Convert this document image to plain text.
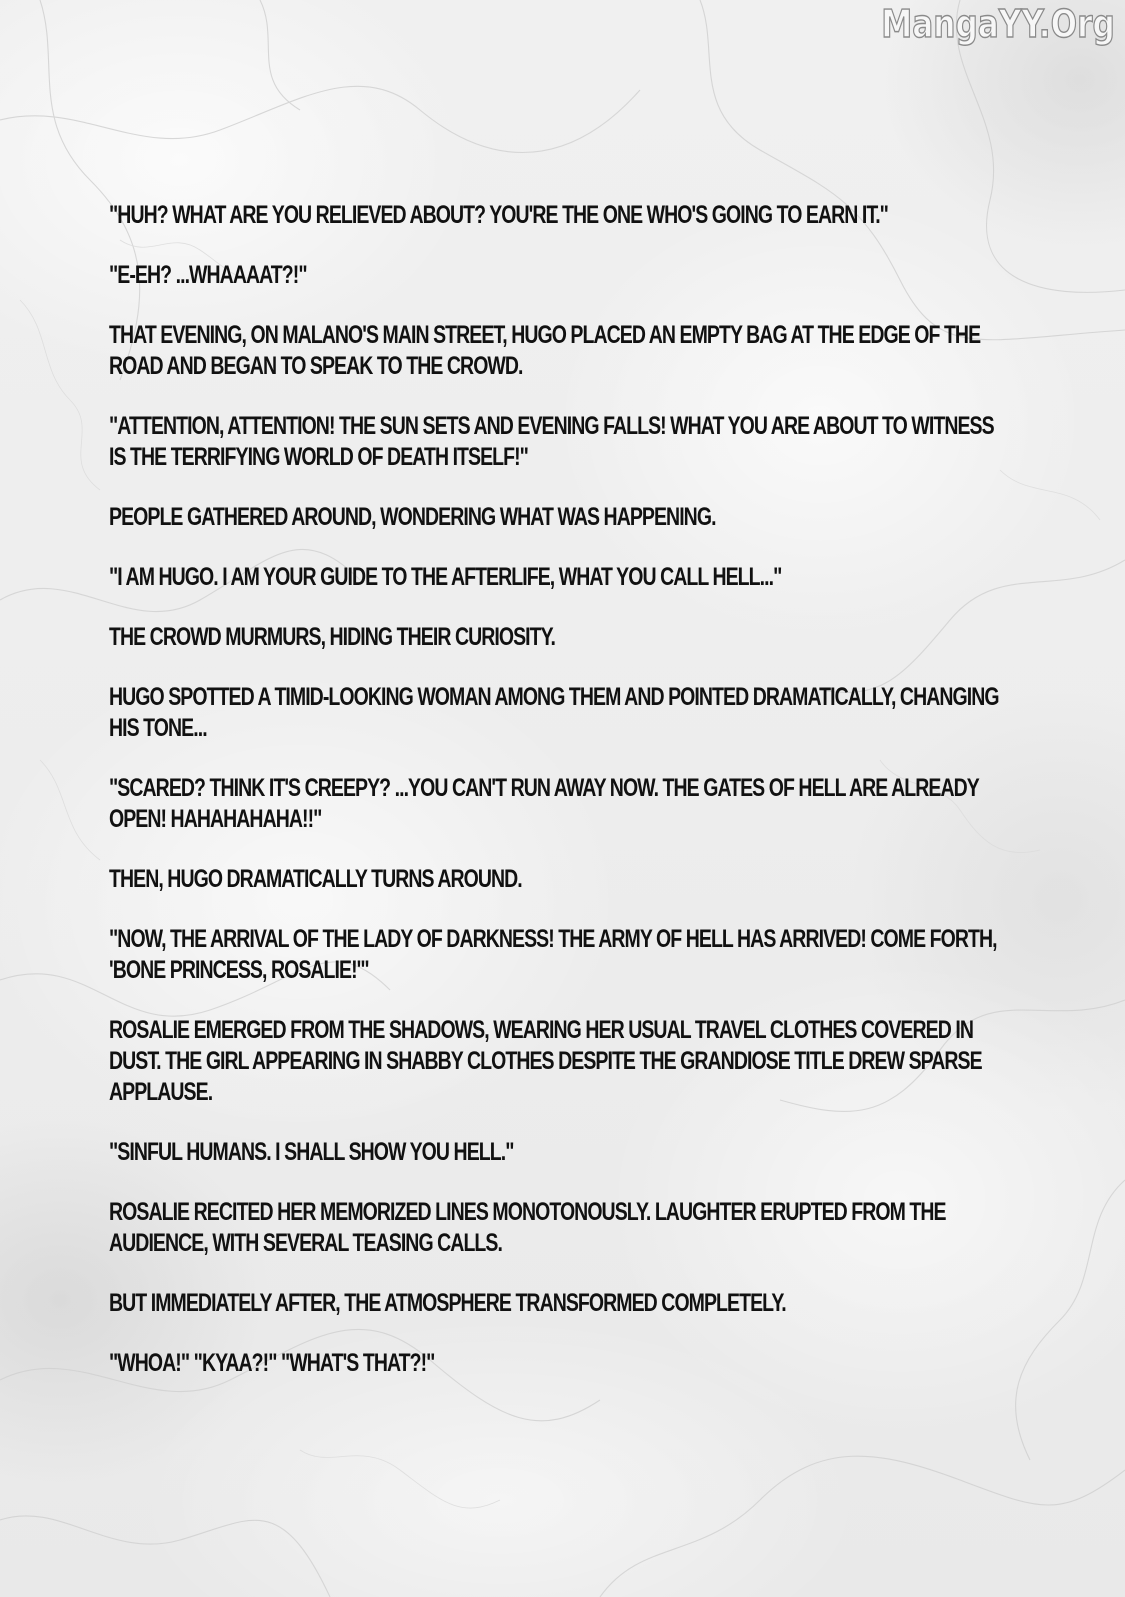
MangaYY.Org

"HUH? WHAT ARE YOU RELIEVED ABOUT? YOU'RE THE ONE WHO'S GOING TO EARN IT."

"E-EH? ...WHAAAAT?!"

THAT EVENING, ON MALANO'S MAIN STREET, HUGO PLACED AN EMPTY BAG AT THE EDGE OF THE ROAD AND BEGAN TO SPEAK TO THE CROWD.

"ATTENTION, ATTENTION! THE SUN SETS AND EVENING FALLS! WHAT YOU ARE ABOUT TO WITNESS IS THE TERRIFYING WORLD OF DEATH ITSELF!"

PEOPLE GATHERED AROUND, WONDERING WHAT WAS HAPPENING.

"I AM HUGO. I AM YOUR GUIDE TO THE AFTERLIFE, WHAT YOU CALL HELL..."

THE CROWD MURMURS, HIDING THEIR CURIOSITY.

HUGO SPOTTED A TIMID-LOOKING WOMAN AMONG THEM AND POINTED DRAMATICALLY, CHANGING HIS TONE...

"SCARED? THINK IT'S CREEPY? ...YOU CAN'T RUN AWAY NOW. THE GATES OF HELL ARE ALREADY OPEN! HAHAHAHAHA!!"

THEN, HUGO DRAMATICALLY TURNS AROUND.

"NOW, THE ARRIVAL OF THE LADY OF DARKNESS! THE ARMY OF HELL HAS ARRIVED! COME FORTH, 'BONE PRINCESS, ROSALIE!'"

ROSALIE EMERGED FROM THE SHADOWS, WEARING HER USUAL TRAVEL CLOTHES COVERED IN DUST. THE GIRL APPEARING IN SHABBY CLOTHES DESPITE THE GRANDIOSE TITLE DREW SPARSE APPLAUSE.

"SINFUL HUMANS. I SHALL SHOW YOU HELL."

ROSALIE RECITED HER MEMORIZED LINES MONOTONOUSLY. LAUGHTER ERUPTED FROM THE AUDIENCE, WITH SEVERAL TEASING CALLS.

BUT IMMEDIATELY AFTER, THE ATMOSPHERE TRANSFORMED COMPLETELY.

"WHOA!" "KYAA?!" "WHAT'S THAT?!"
